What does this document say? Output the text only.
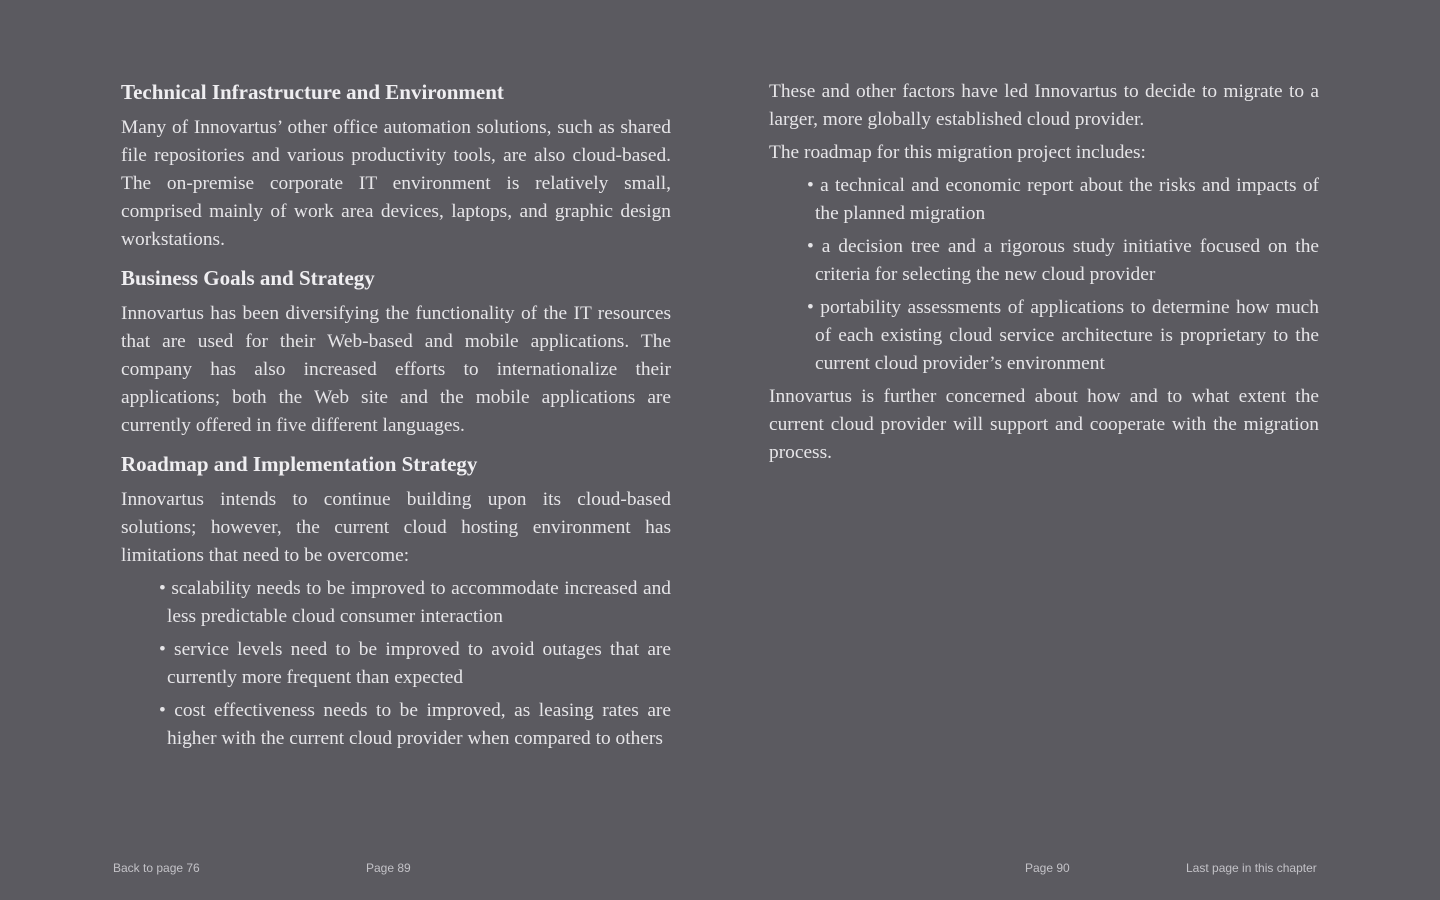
Technical Infrastructure and Environment

Many of Innovartus’ other office automation solutions, such as shared file repositories and various productivity tools, are also cloud-based. The on-premise corporate IT environment is relatively small, comprised mainly of work area devices, laptops, and graphic design workstations.

Business Goals and Strategy

Innovartus has been diversifying the functionality of the IT resources that are used for their Web-based and mobile applications. The company has also increased efforts to internationalize their applications; both the Web site and the mobile applications are currently offered in five different languages.

Roadmap and Implementation Strategy

Innovartus intends to continue building upon its cloud-based solutions; however, the current cloud hosting environment has limitations that need to be overcome:

• scalability needs to be improved to accommodate increased and less predictable cloud consumer interaction
• service levels need to be improved to avoid outages that are currently more frequent than expected
• cost effectiveness needs to be improved, as leasing rates are higher with the current cloud provider when compared to others

These and other factors have led Innovartus to decide to migrate to a larger, more globally established cloud provider.

The roadmap for this migration project includes:

• a technical and economic report about the risks and impacts of the planned migration
• a decision tree and a rigorous study initiative focused on the criteria for selecting the new cloud provider
• portability assessments of applications to determine how much of each existing cloud service architecture is proprietary to the current cloud provider’s environment

Innovartus is further concerned about how and to what extent the current cloud provider will support and cooperate with the migration process.

Back to page 76	Page 89	Page 90	Last page in this chapter
